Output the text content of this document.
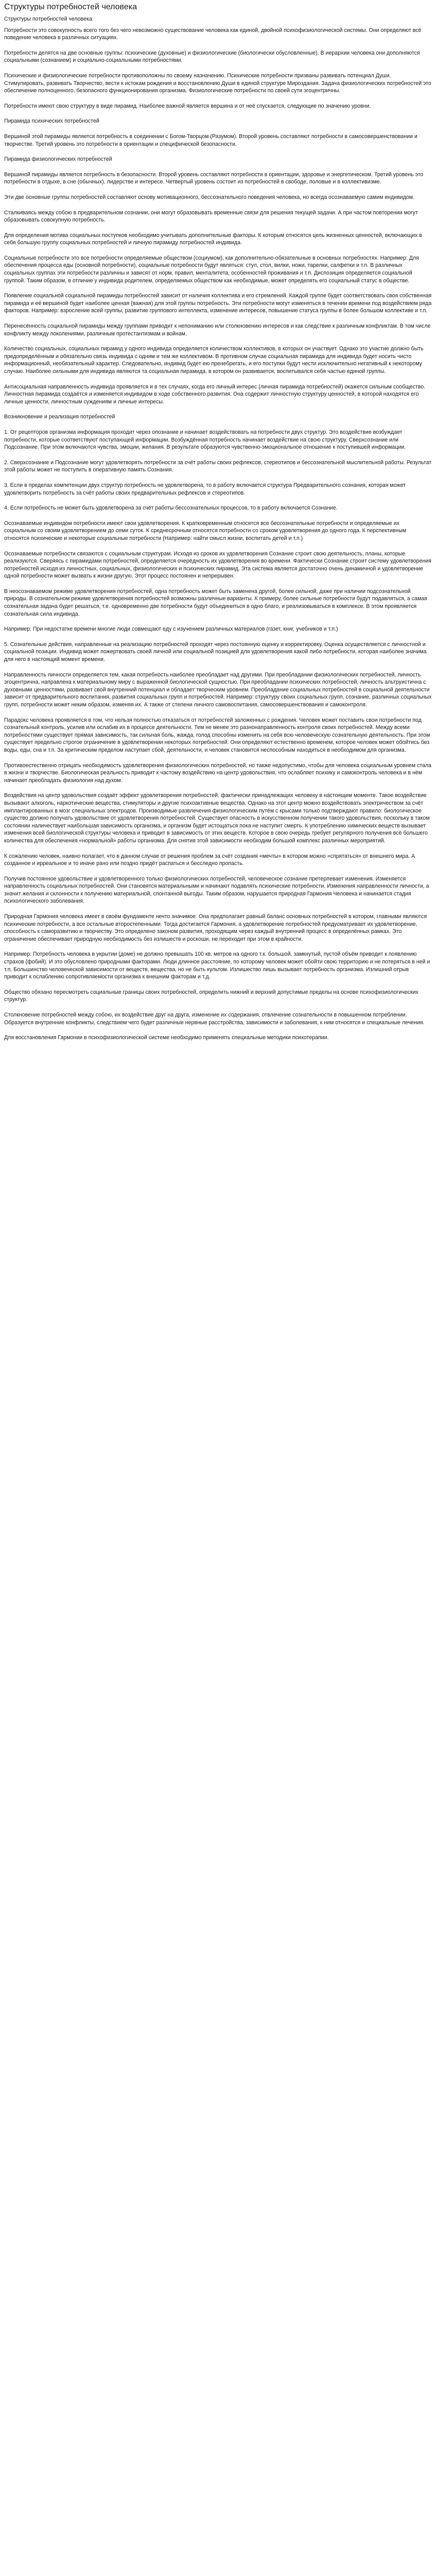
Структуры потребностей человека
Структуры потребностей человека
Потребности это совокупность всего того без чего невозможно существование человека как единой, двойной психофизиологической системы. Они определяют всё поведение человека в различных ситуациях.
Потребности делятся на две основные группы: психические (духовные) и физиологические (биологически обусловленные). В иерархии человека они дополняются социальными (сознанием) и социально-социальными потребностями.
Психические и физиологические потребности противоположны по своему назначению. Психические потребности призваны развивать потенциал Души. Стимулировать, развивать Творчество, вести к истокам рождения и восстановлению Души в единой структуре Мироздания. Задача физиологических потребностей это обеспечение полноценного, безопасного функционирования организма. Физиологические потребности по своей сути эгоцентричны.
Потребности имеют свою структуру в виде пирамид. Наиболее важной является вершина и от неё спускается, следующие по значению уровни.
Пирамида психических потребностей
Вершиной этой пирамиды является потребность в соединении с Богом-Творцом (Разумом). Второй уровень составляют потребности в самосовершенствовании и творчестве. Третий уровень это потребности в ориентации и специфической безопасности.
Пирамида физиологических потребностей
Вершиной пирамиды является потребность в безопасности. Второй уровень составляют потребности в ориентации, здоровье и энергетическом. Третий уровень это потребности в отдыхе, в сне (обычных), лидерстве и интересе. Четвертый уровень состоит из потребностей в свободе, половые и в коллективизме.
Эти две основные группы потребностей составляют основу мотивационного, бессознательного поведения человека, но всегда осознаваемую самим индивидом.
Сталкиваясь между собою в предварительном сознании, они могут образовывать временные связи для решения текущей задачи. А при частом повторении могут образовывать совокупную потребность.
Для определения мотива социальных поступков необходимо учитывать дополнительные факторы. К которым относятся цель жизненных ценностей, включающих в себя большую группу социальных потребностей и личную пирамиду потребностей индивида.
Социальные потребности это все потребности определяемые обществом (социумом), как дополнительно-обязательные в основных потребностях. Например: Для обеспечения процесса еды (основной потребности), социальные потребности будут являться: стул, стол, вилки, ножи, тарелки, салфетки и т.п. В различных социальных группах эти потребности различны и зависят от норм, правил, менталитета, особенностей проживания и т.п. Диспозиция определяется социальной группой. Таким образом, в отличие у индивида родителем, определяемых обществом как необходимые, может определять его социальный статус в обществе.
Появление социальной социальной пирамиды потребностей зависит от наличия коллектива и его стремлений. Каждой группе будет соответствовать своя собственная пирамида и её вершиной будет наиболее ценная (важная) для этой группы потребность. Эти потребности могут изменяться в течении времени под воздействием ряда факторов. Например: взросление всей группы, развитие группового интеллекта, изменение интересов, повышение статуса группы в более большом коллективе и т.п.
Перенесённость социальной пирамиды между группами приводит к непониманию или столкновению интересов и как следствие к различным конфликтам. В том числе конфликту между поколениями, различным протестантизмам и войнам.
Количество социальных, социальных пирамид у одного индивида определяется количеством коллективов, в которых он участвует. Однако это участие должно быть предопределённым и обязательно связь индивида с одним и тем же коллективом. В противном случае социальная пирамида для индивида будет носить чисто информационный, необязательный характер. Следовательно, индивид будет ею пренебрегать, и его поступки будут нести исключительно негативный к некоторому случаю. Наиболее сильными для индивида являются та социальная пирамида, в котором он развивается, воспитывался себя частью единой группы.
Антисоциальная направленность индивида проявляется и в тех случаях, когда его личный интерес (личная пирамида потребностей) окажется сильным сообщество. Личностная пирамида создаётся и изменяется индивидом в ходе собственного развития. Она содержит личностную структуру ценностей, в которой находятся его личные ценности, личностным суждениям и личные интересы.
Возникновение и реализация потребностей
1. От рецепторов организма информация проходит через опознание и начинает воздействовать на потребности двух структур. Это воздействие возбуждает потребности, которые соответствуют поступающей информации. Возбуждённая потребность начинает воздействие на свою структуру. Сверхсознание или Подсознание. При этом включаются чувства, эмоции, желания. В результате образуются чувственно-эмоциональное отношение к поступившей информации.
2. Сверхсознание и Подсознание могут удовлетворять потребности за счёт работы своих рефлексов, стереотипов и бессознательной мыслительной работы. Результат этой работы может не поступить в оперативную память Сознания.
3. Если в пределах компетенции двух структур потребность не удовлетворена, то в работу включается структура Предварительного сознания, которая может удовлетворить потребность за счёт работы своих предварительных рефлексов и стереотипов.
4. Если потребность не может быть удовлетворена за счёт работы бессознательных процессов, то в работу включается Сознание.
Осознаваемые индивидом потребности имеют свои удовлетворения. К кратковременным относятся все бессознательные потребности и определяемые их социальным со своим удовлетворением до семи суток. К среднесрочным относятся потребности со сроком удовлетворения до одного года. К перспективным относятся психические и некоторые социальные потребности (Например: найти смысл жизни, воспитать детей и т.п.)
Осознаваемые потребности связаются с социальным структурам. Исходя из сроков их удовлетворения Сознание строит свою деятельность, планы, которые реализуются. Сверяясь с пирамидами потребностей, определяется очерёдность их удовлетворения во времени. Фактически Сознание строит систему удовлетворения потребностей исходя из личностных, социальных, физиологических и психических пирамид. Эта система является достаточно очень динамичной и удовлетворение одной потребности может вызвать к жизни другую. Этот процесс постоянен и непрерывен.
В неосознаваемом режиме удовлетворения потребностей, одна потребность может быть заменена другой, более сильной, даже при наличии подсознательной природы. В сознательном режиме удовлетворения потребностей возможны различные варианты. К примеру, более сильные потребности будут подавляться, а самая сознательная задача будет решаться, т.е. одновременно две потребности будут объединиться в одно благо, и реализовываться в комплексе. В этом проявляется сознательная сила индивида.
Например: При недостатке времени многие люди совмещают еду с изучением различных материалов (газет, книг, учебников и т.п.)
5. Сознательные действия, направленные на реализацию потребностей проходят через постоянную оценку и корректировку. Оценка осуществляется с личностной и социальной позиции. Индивид может пожертвовать своей личной или социальной позицией для удовлетворения какой либо потребности, которая наиболее значима для него в настоящий момент времени.
Направленность личности определяется тем, какая потребность наиболее преобладает над другими. При преобладании физиологических потребностей, личность эгоцентрична, направлена к материальному миру с выраженной биологической сущностью. При преобладании психических потребностей, личность альтруистична с духовными ценностями, развивает свой внутренний потенциал и обладает творческим уровнем. Преобладание социальных потребностей в социальной деятельности зависит от предварительного воспитания, развития социальных групп и потребностей. Например: структуру своих социальных групп, сознание, различных социальных групп, потребности может неким образом, изменяя их. А также от степени личного самовоспитания, самосовершенствования и самоконтроля.
Парадокс человека проявляется в том, что нельзя полностью отказаться от потребностей заложенных с рождения. Человек может поставить свои потребности под сознательный контроль, усилив или ослабив их в процессе деятельности. Тем не менее это разнонаправленность контроля своих потребностей. Между всеми потребностями существует прямая зависимость, так сильная боль, жажда, голод способны изменить на себя всю человеческую сознательную деятельность. При этом существует предельно строгое ограничение в удовлетворении некоторых потребностей. Они определяют естественно временем, которое человек может обойтись без воды, еды, сна и т.п. За критическим пределом наступает сбой, деятельности, и человек становится неспособным находиться в необходимом для организма.
Противоестественно отрицать необходимость удовлетворения физиологических потребностей, но также недопустимо, чтобы для человека социальным уровнем стала в жизни и творчестве. Биологическая реальность приводит к частому воздействию на центр удовольствия, что ослабляет психику и самоконтроль человека и в нём начинает преобладать физиология над духом.
Воздействия на центр удовольствия создаёт эффект удовлетворения потребностей, фактически принадлежащих человеку в настоящем моменте. Такое воздействие вызывают алкоголь, наркотические вещества, стимуляторы и другие психоактивные вещества. Однако на этот центр можно воздействовать электричеством за счёт имплантированных в мозг специальных электродов. Производимые развлечения физиологическим путём с крысами только подтверждают правило: биологическое существо должно получать удовольствие от удовлетворения потребностей. Существует опасность в искусственном получении такого удовольствия, поскольку в таком состоянии наличествует наибольшая зависимость организма, и организм будет истощаться пока не наступит смерть. К употреблению химических веществ вызывает изменения всей биологической структуры человека и приводит в зависимость от этих веществ. Которое в свою очередь требует регулярного получения всё большего количества для обеспечения «нормальной» работы организма. Для снятия этой зависимости необходим большой комплекс различных мероприятий.
К сожалению человек, наивно полагает, что в данном случае от решения проблем за счёт создания «мечты» в котором можно «спрятаться» от внешнего мира. А созданное и ирреальное и то иначе рано или поздно придёт распаться и бесследно пропасть.
Получив постоянное удовольствие и удовлетворенного только физиологических потребностей, человеческое сознание претерпевает изменения. Изменяется направленность социальных потребностей. Они становятся материальными и начинают подавлять психические потребности. Изменения направленности личности, а значит желания и склонности к получению материальной, спонтанной выгоды. Таким образом, нарушается природная Гармония Человека и начинается стадия психологического заболевания.
Природная Гармония человека имеет в своём фундаменте нечто значимое. Она предполагает равный баланс основных потребностей в котором, главными являются психические потребности, а все остальные второстепенными. Тогда достигается Гармония, а удовлетворение потребностей предусматривает их удовлетворение, способность к саморазвитию и творчеству. Это определено законом развития, проходящим через каждый внутренний процесс в определённых рамках. Это ограничение обеспечивает природную необходимость без излишеств и роскоши, не переходит при этом в крайности.
Например: Потребность человека в укрытии (доме) не должно превышать 100 кв. метров на одного т.к. большой, замкнутый, пустой объём приводит к появлению страхов (фобий). И это обусловлено природными факторами. Люди длинное расстояние, по которому человек может обойти свою территорию и не потеряться в ней и т.п. Большинство человеческой зависимости от веществ, вещества, но не быть культом. Излишество лишь вызывает потребность организма. Излишний отрыв приводит к ослаблению сопротивляемости организма к внешним факторам и т.д.
Общество обязано пересмотреть социальные границы своих потребностей, определить нижний и верхний допустимые пределы на основе психофизиологических структур.
Столкновение потребностей между собою, их воздействие друг на друга, изменение их содержания, отвлечение сознательности в повышенном потреблении. Образуется внутренние конфликты, следствием чего будет различные нервные расстройства, зависимости и заболевания, к ним относятся и специальные лечения.
Для восстановления Гармонии в психофизиологической системе необходимо применять специальные методики психотерапии.
